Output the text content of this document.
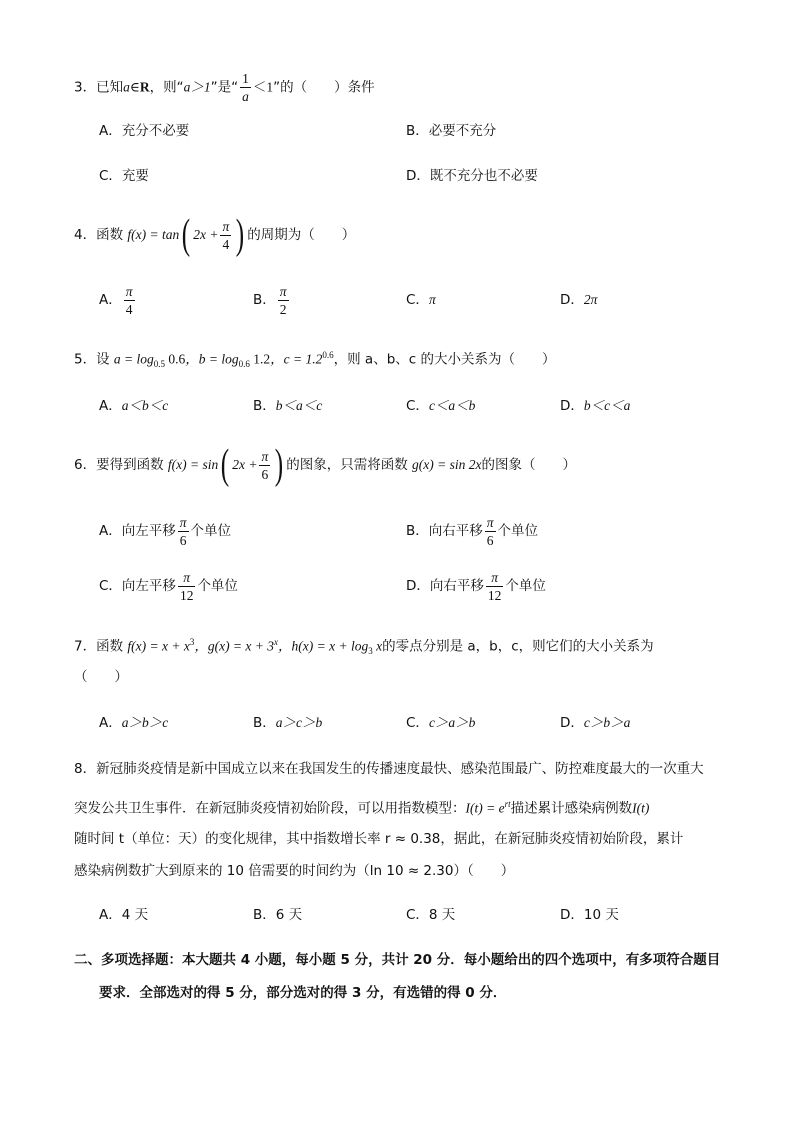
3．已知a∈R，则“a＞1”是“ $\frac{1}{a} <1$”的（　　）条件
A．充分不必要	B．必要不充分
C．充要	D．既不充分也不必要
4．函数 f(x) = tan( $2x + \frac{\pi}{4}$ ) 的周期为（　　）
A． $\frac{\pi}{4}$	B． $\frac{\pi}{2}$	C．π	D．2π
5．设 $a = \log_{0.5} 0.6$，$b = \log_{0.6} 1.2$，$c = 1.2^{0.6}$，则 a、b、c 的大小关系为（　　）
A．a＜b＜c	B．b＜a＜c	C．c＜a＜b	D．b＜c＜a
6．要得到函数 f(x) = sin( $2x + \frac{\pi}{6}$ ) 的图象，只需将函数 g(x) = sin 2x的图象（　　）
A．向左平移 $\frac{\pi}{6}$ 个单位	B．向右平移 $\frac{\pi}{6}$ 个单位
C．向左平移 $\frac{\pi}{12}$ 个单位	D．向右平移 $\frac{\pi}{12}$ 个单位
7．函数 $f(x) = x + x^3$，$g(x) = x + 3^x$，$h(x) = x + \log_3 x$的零点分别是 a，b，c，则它们的大小关系为
（　　）
A．a＞b＞c	B．a＞c＞b	C．c＞a＞b	D．c＞b＞a
8．新冠肺炎疫情是新中国成立以来在我国发生的传播速度最快、感染范围最广、防控难度最大的一次重大
突发公共卫生事件．在新冠肺炎疫情初始阶段，可以用指数模型：$I(t) = e^{rt}$描述累计感染病例数I(t)
随时间 t（单位：天）的变化规律，其中指数增长率 r ≈ 0.38，据此，在新冠肺炎疫情初始阶段，累计
感染病例数扩大到原来的 10 倍需要的时间约为（ln 10 ≈ 2.30）（　　）
A．4 天	B．6 天	C．8 天	D．10 天
二、多项选择题：本大题共 4 小题，每小题 5 分，共计 20 分．每小题给出的四个选项中，有多项符合题目
要求．全部选对的得 5 分，部分选对的得 3 分，有选错的得 0 分．
